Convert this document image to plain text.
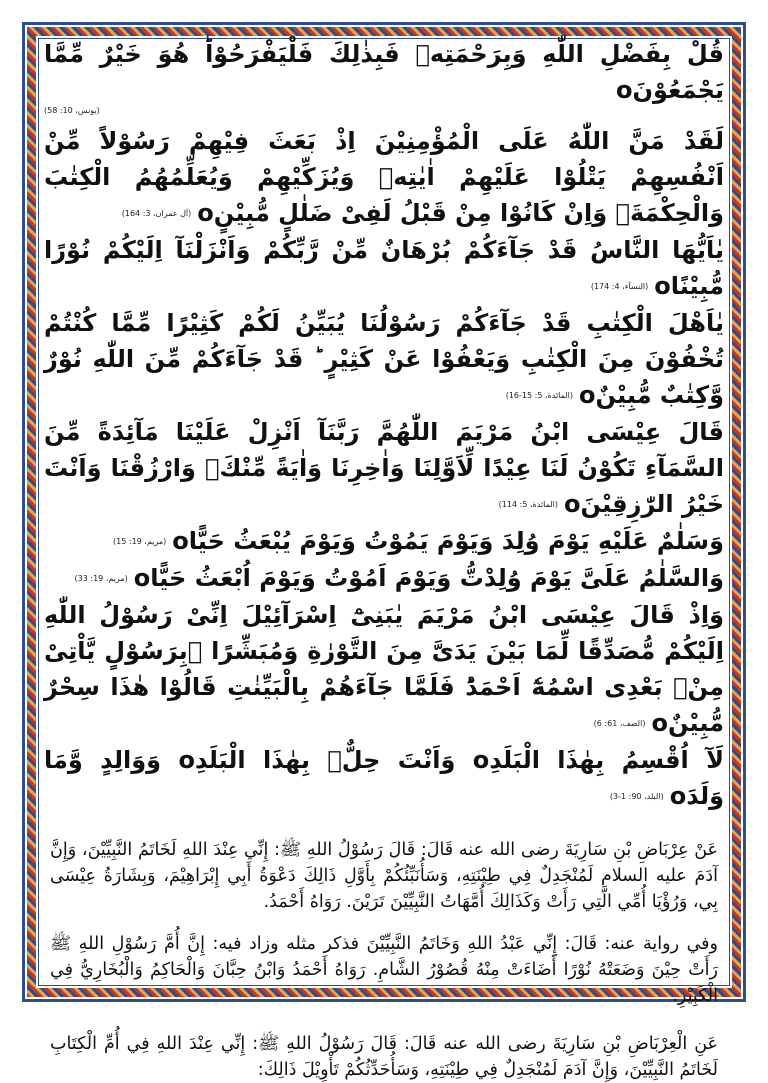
قُلْ بِفَضْلِ اللّٰهِ وَبِرَحْمَتِهٖ فَبِذٰلِكَ فَلْيَفْرَحُوْاؕ هُوَ خَيْرٌ مِّمَّا يَجْمَعُوْنَo

(يونس، 10: 58)

لَقَدْ مَنَّ اللّٰهُ عَلَى الْمُؤْمِنِيْنَ اِذْ بَعَثَ فِيْهِمْ رَسُوْلاً مِّنْ اَنْفُسِهِمْ يَتْلُوْا عَلَيْهِمْ اٰيٰتِهٖ وَيُزَكِّيْهِمْ وَيُعَلِّمُهُمُ الْكِتٰبَ وَالْحِكْمَةَۚ وَاِنْ كَانُوْا مِنْ قَبْلُ لَفِیْ ضَلٰلٍ مُّبِيْنٍo(آل عمران، 3: 164)

يٰاَيُّهَا النَّاسُ قَدْ جَآءَكُمْ بُرْهَانٌ مِّنْ رَّبِّكُمْ وَاَنْزَلْنَآ اِلَيْكُمْ نُوْرًا مُّبِيْنًاo(النسآء، 4: 174)

يٰاَهْلَ الْكِتٰبِ قَدْ جَآءَكُمْ رَسُوْلُنَا يُبَيِّنُ لَكُمْ كَثِيْرًا مِّمَّا كُنْتُمْ تُخْفُوْنَ مِنَ الْكِتٰبِ وَيَعْفُوْا عَنْ كَثِيْرٍ ؕ قَدْ جَآءَكُمْ مِّنَ اللّٰهِ نُوْرٌ وَّكِتٰبٌ مُّبِيْنٌo(المائدة، 5: 15-16)

قَالَ عِيْسَى ابْنُ مَرْيَمَ اللّٰهُمَّ رَبَّنَآ اَنْزِلْ عَلَيْنَا مَآئِدَةً مِّنَ السَّمَآءِ تَكُوْنُ لَنَا عِيْدًا لِّاَوَّلِنَا وَاٰخِرِنَا وَاٰيَةً مِّنْكَۚ وَارْزُقْنَا وَاَنْتَ خَيْرُ الرّٰزِقِيْنَo(المائدة، 5: 114)

وَسَلٰمٌ عَلَيْهِ يَوْمَ وُلِدَ وَيَوْمَ يَمُوْتُ وَيَوْمَ يُبْعَثُ حَيًّاo(مريم، 19: 15)

وَالسَّلٰمُ عَلَیَّ يَوْمَ وُلِدْتُّ وَيَوْمَ اَمُوْتُ وَيَوْمَ اُبْعَثُ حَيًّاo(مريم، 19: 33)

وَاِذْ قَالَ عِيْسَى ابْنُ مَرْيَمَ يٰبَنِیْٓ اِسْرَآئِيْلَ اِنِّیْ رَسُوْلُ اللّٰهِ اِلَيْكُمْ مُّصَدِّقًا لِّمَا بَيْنَ يَدَیَّ مِنَ التَّوْرٰةِ وَمُبَشِّرًا ۢبِرَسُوْلٍ يَّاْتِیْ مِنْۢ بَعْدِی اسْمُهٗٓ اَحْمَدُؕ فَلَمَّا جَآءَهُمْ بِالْبَيِّنٰتِ قَالُوْا هٰذَا سِحْرٌ مُّبِيْنٌo(الصف، 61: 6)

لَآ اُقْسِمُ بِهٰذَا الْبَلَدِo وَاَنْتَ حِلٌّۢ بِهٰذَا الْبَلَدِo وَوَالِدٍ وَّمَا وَلَدَo(البلد، 90: 1-3)

عَنْ عِرْبَاضِ بْنِ سَارِيَةَ رضى الله عنه قَالَ: قَالَ رَسُوْلُ اللهِ ﷺ: إِنِّي عِنْدَ اللهِ لَخَاتَمُ النَّبِيِّيْنَ، وَإِنَّ آدَمَ عليه السلام لَمُنْجَدِلٌ فِي طِيْنَتِهِ، وَسَأُنَبِّئُكُمْ بِأَوَّلِ ذَالِكَ دَعْوَةُ أَبِي إِبْرَاهِيْمَ، وَبِشَارَةُ عِيْسَى بِي، وَرُؤْيَا أُمِّي الَّتِي رَأَتْ وَكَذَالِكَ أُمَّهَاتُ النَّبِيِّيْنَ تَرَيْنَ. رَوَاهُ أَحْمَدُ.

وفي رواية عنه: قَالَ: إِنِّي عَبْدُ اللهِ وَخَاتَمُ النَّبِيِّيْنَ فذكر مثله وزاد فيه: إِنَّ أُمَّ رَسُوْلِ اللهِ ﷺ رَأَتْ حِيْنَ وَضَعَتْهُ نُوْرًا أَضَاءَتْ مِنْهُ قُصُوْرُ الشَّامِ. رَوَاهُ أَحْمَدُ وَابْنُ حِبَّانَ وَالْحَاكِمُ وَالْبُخَارِيُّ فِي الْكَبِيْرِ.

عَنِ الْعِرْبَاضِ بْنِ سَارِيَةَ رضى الله عنه قَالَ: قَالَ رَسُوْلُ اللهِ ﷺ: إِنِّي عِنْدَ اللهِ فِي أُمِّ الْكِتَابِ لَخَاتَمُ النَّبِيِّيْنَ، وَإِنَّ آدَمَ لَمُنْجَدِلٌ فِي طِيْنَتِهِ، وَسَأُحَدِّثُكُمْ تَأْوِيْلَ ذَالِكَ:
